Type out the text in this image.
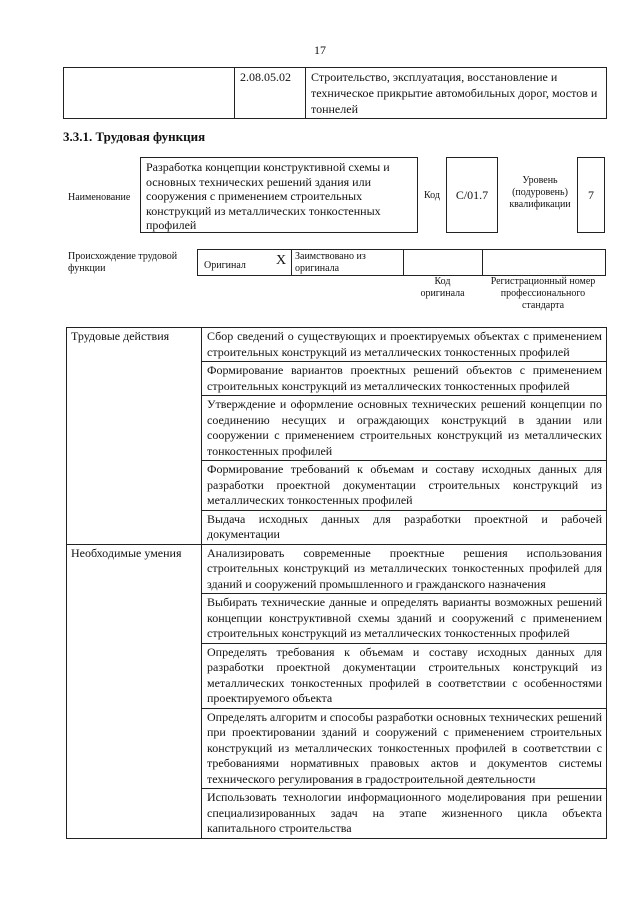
17
	2.08.05.02	Строительство, эксплуатация, восстановление и техническое прикрытие автомобильных дорог, мостов и тоннелей
3.3.1. Трудовая функция
Наименование
Разработка концепции конструктивной схемы и основных технических решений здания или сооружения с применением строительных конструкций из металлических тонкостенных профилей
Код	С/01.7
Уровень (подуровень) квалификации
7
Происхождение трудовой функции	Оригинал X Заимствовано из оригинала
Код оригинала
Регистрационный номер профессионального стандарта
Трудовые действия	Сбор сведений о существующих и проектируемых объектах с применением строительных конструкций из металлических тонкостенных профилей
	Формирование вариантов проектных решений объектов с применением строительных конструкций из металлических тонкостенных профилей
	Утверждение и оформление основных технических решений концепции по соединению несущих и ограждающих конструкций в здании или сооружении с применением строительных конструкций из металлических тонкостенных профилей
	Формирование требований к объемам и составу исходных данных для разработки проектной документации строительных конструкций из металлических тонкостенных профилей
	Выдача исходных данных для разработки проектной и рабочей документации
Необходимые умения	Анализировать современные проектные решения использования строительных конструкций из металлических тонкостенных профилей для зданий и сооружений промышленного и гражданского назначения
	Выбирать технические данные и определять варианты возможных решений концепции конструктивной схемы зданий и сооружений с применением строительных конструкций из металлических тонкостенных профилей
	Определять требования к объемам и составу исходных данных для разработки проектной документации строительных конструкций из металлических тонкостенных профилей в соответствии с особенностями проектируемого объекта
	Определять алгоритм и способы разработки основных технических решений при проектировании зданий и сооружений с применением строительных конструкций из металлических тонкостенных профилей в соответствии с требованиями нормативных правовых актов и документов системы технического регулирования в градостроительной деятельности
	Использовать технологии информационного моделирования при решении специализированных задач на этапе жизненного цикла объекта капитального строительства
